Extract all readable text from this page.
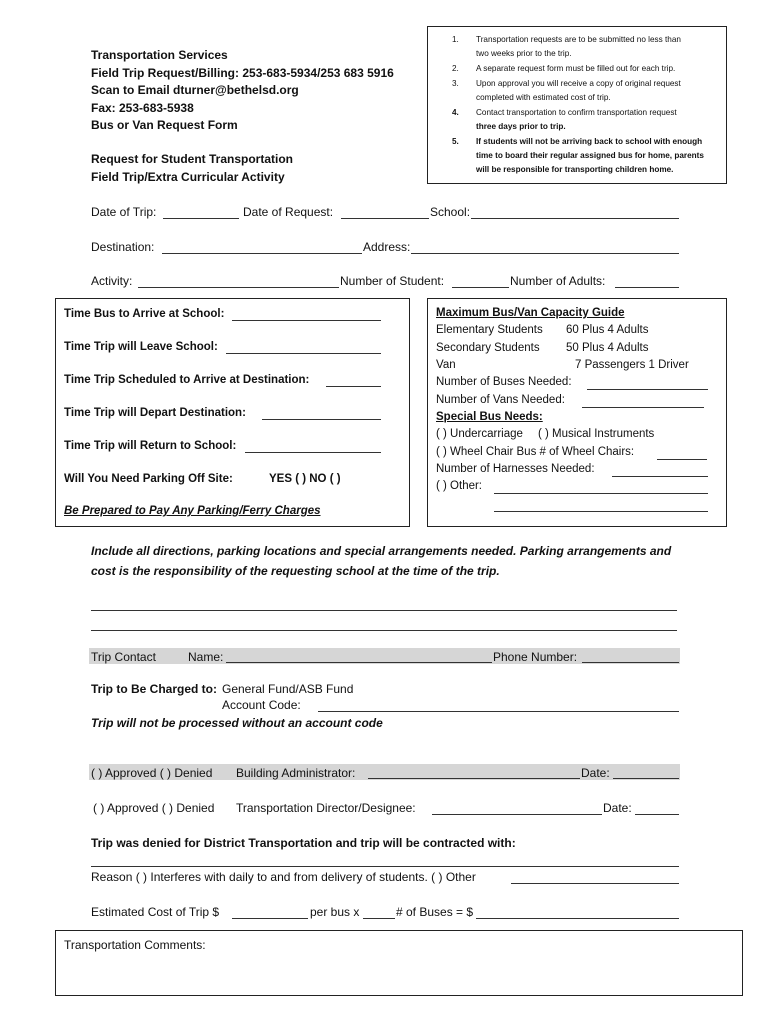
Transportation Services
Field Trip Request/Billing: 253-683-5934/253 683 5916
Scan to Email dturner@bethelsd.org
Fax: 253-683-5938
Bus or Van Request Form
Request for Student Transportation
Field Trip/Extra Curricular Activity
1. Transportation requests are to be submitted no less than
two weeks prior to the trip.
2. A separate request form must be filled out for each trip.
3. Upon approval you will receive a copy of original request
completed with estimated cost of trip.
4. Contact transportation to confirm transportation request
three days prior to trip.
5. If students will not be arriving back to school with enough
time to board their regular assigned bus for home, parents
will be responsible for transporting children home.
Date of Trip:	Date of Request:	School:
Destination:	Address:
Activity:	Number of Student:	Number of Adults:
Time Bus to Arrive at School:
Time Trip will Leave School:
Time Trip Scheduled to Arrive at Destination:
Time Trip will Depart Destination:
Time Trip will Return to School:
Will You Need Parking Off Site:	YES ( ) NO ( )
Be Prepared to Pay Any Parking/Ferry Charges
Maximum Bus/Van Capacity Guide
Elementary Students 60 Plus 4 Adults
Secondary Students 50 Plus 4 Adults
Van	7 Passengers 1 Driver
Number of Buses Needed:
Number of Vans Needed:
Special Bus Needs:
( ) Undercarriage ( ) Musical Instruments
( ) Wheel Chair Bus # of Wheel Chairs:
Number of Harnesses Needed:
( ) Other:
Include all directions, parking locations and special arrangements needed. Parking arrangements and
cost is the responsibility of the requesting school at the time of the trip.
Trip Contact	Name:	Phone Number:
Trip to Be Charged to: General Fund/ASB Fund
Account Code:
Trip will not be processed without an account code
( ) Approved ( ) Denied Building Administrator:	Date:
( ) Approved ( ) Denied Transportation Director/Designee:	Date:
Trip was denied for District Transportation and trip will be contracted with:
Reason ( ) Interferes with daily to and from delivery of students. ( ) Other
Estimated Cost of Trip $	per bus x	# of Buses = $
Transportation Comments:
